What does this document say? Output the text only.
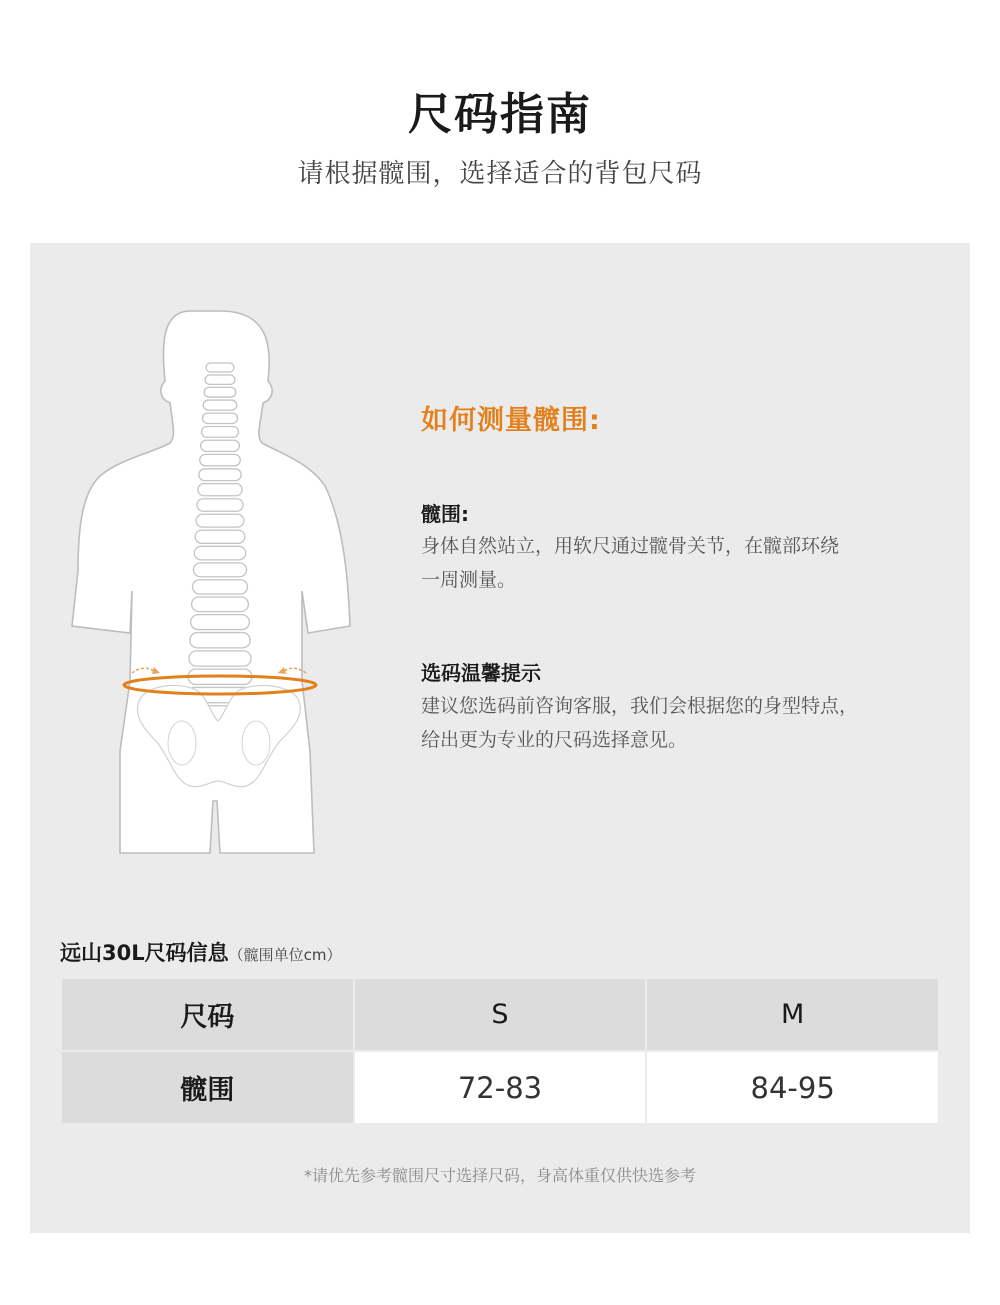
尺码指南
请根据髋围，选择适合的背包尺码
如何测量髋围:
髋围:
身体自然站立，用软尺通过髋骨关节，在髋部环绕
一周测量。
选码温馨提示
建议您选码前咨询客服，我们会根据您的身型特点，
给出更为专业的尺码选择意见。
远山30L尺码信息（髋围单位cm）
尺码	S	M
髋围	72-83	84-95
*请优先参考髋围尺寸选择尺码，身高体重仅供快选参考
